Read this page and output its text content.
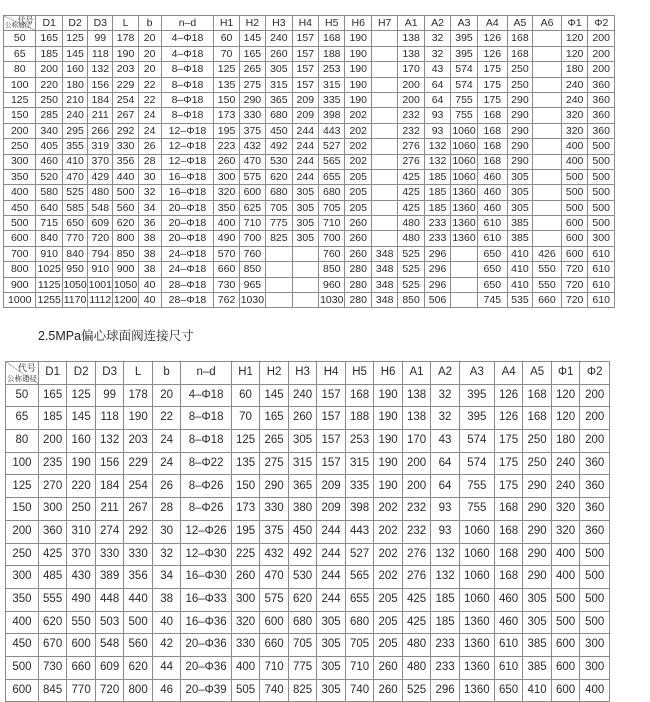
代号
公称通径	D1	D2	D3	L	b	n–d	H1	H2	H3	H4	H5	H6	H7	A1	A2	A3	A4	A5	A6	Φ1	Φ2
50	165	125	99	178	20	4–Φ18	60	145	240	157	168	190		138	32	395	126	168		120	200
65	185	145	118	190	20	4–Φ18	70	165	260	157	188	190		138	32	395	126	168		120	200
80	200	160	132	203	20	8–Φ18	125	265	305	157	253	190		170	43	574	175	250		180	200
100	220	180	156	229	22	8–Φ18	135	275	315	157	315	190		200	64	574	175	250		240	360
125	250	210	184	254	22	8–Φ18	150	290	365	209	335	190		200	64	755	175	290		240	360
150	285	240	211	267	24	8–Φ18	173	330	680	209	398	202		232	93	755	168	290		320	360
200	340	295	266	292	24	12–Φ18	195	375	450	244	443	202		232	93	1060	168	290		320	360
250	405	355	319	330	26	12–Φ18	223	432	492	244	527	202		276	132	1060	168	290		400	500
300	460	410	370	356	28	12–Φ18	260	470	530	244	565	202		276	132	1060	168	290		400	500
350	520	470	429	440	30	16–Φ18	300	575	620	244	655	205		425	185	1060	460	305		500	500
400	580	525	480	500	32	16–Φ18	320	600	680	305	680	205		425	185	1360	460	305		500	500
450	640	585	548	560	34	20–Φ18	350	625	705	305	705	205		425	185	1360	460	305		500	500
500	715	650	609	620	36	20–Φ18	400	710	775	305	710	260		480	233	1360	610	385		600	500
600	840	770	720	800	38	20–Φ18	490	700	825	305	700	260		480	233	1360	610	385		600	300
700	910	840	794	850	38	24–Φ18	570	760			760	260	348	525	296		650	410	426	600	610
800	1025	950	910	900	38	24–Φ18	660	850			850	280	348	525	296		650	410	550	720	610
900	1125	1050	1001	1050	40	28–Φ18	730	965			960	280	348	525	296		650	410	550	720	610
1000	1255	1170	1112	1200	40	28–Φ18	762	1030			1030	280	348	850	506		745	535	660	720	610
2.5MPa偏心球面阀连接尺寸
代号
公称通径	D1	D2	D3	L	b	n–d	H1	H2	H3	H4	H5	H6	A1	A2	A3	A4	A5	Φ1	Φ2
50	165	125	99	178	20	4–Φ18	60	145	240	157	168	190	138	32	395	126	168	120	200
65	185	145	118	190	22	8–Φ18	70	165	260	157	188	190	138	32	395	126	168	120	200
80	200	160	132	203	24	8–Φ18	125	265	305	157	253	190	170	43	574	175	250	180	200
100	235	190	156	229	24	8–Φ22	135	275	315	157	315	190	200	64	574	175	250	240	360
125	270	220	184	254	26	8–Φ26	150	290	365	209	335	190	200	64	755	175	290	240	360
150	300	250	211	267	28	8–Φ26	173	330	380	209	398	202	232	93	755	168	290	320	360
200	360	310	274	292	30	12–Φ26	195	375	450	244	443	202	232	93	1060	168	290	320	360
250	425	370	330	330	32	12–Φ30	225	432	492	244	527	202	276	132	1060	168	290	400	500
300	485	430	389	356	34	16–Φ30	260	470	530	244	565	202	276	132	1060	168	290	400	500
350	555	490	448	440	38	16–Φ33	300	575	620	244	655	205	425	185	1060	460	305	500	500
400	620	550	503	500	40	16–Φ36	320	600	680	305	680	205	425	185	1360	460	305	500	500
450	670	600	548	560	42	20–Φ36	330	660	705	305	705	205	480	233	1360	610	385	600	300
500	730	660	609	620	44	20–Φ36	400	710	775	305	710	260	480	233	1360	610	385	600	300
600	845	770	720	800	46	20–Φ39	505	740	825	305	740	260	525	296	1360	650	410	600	400
